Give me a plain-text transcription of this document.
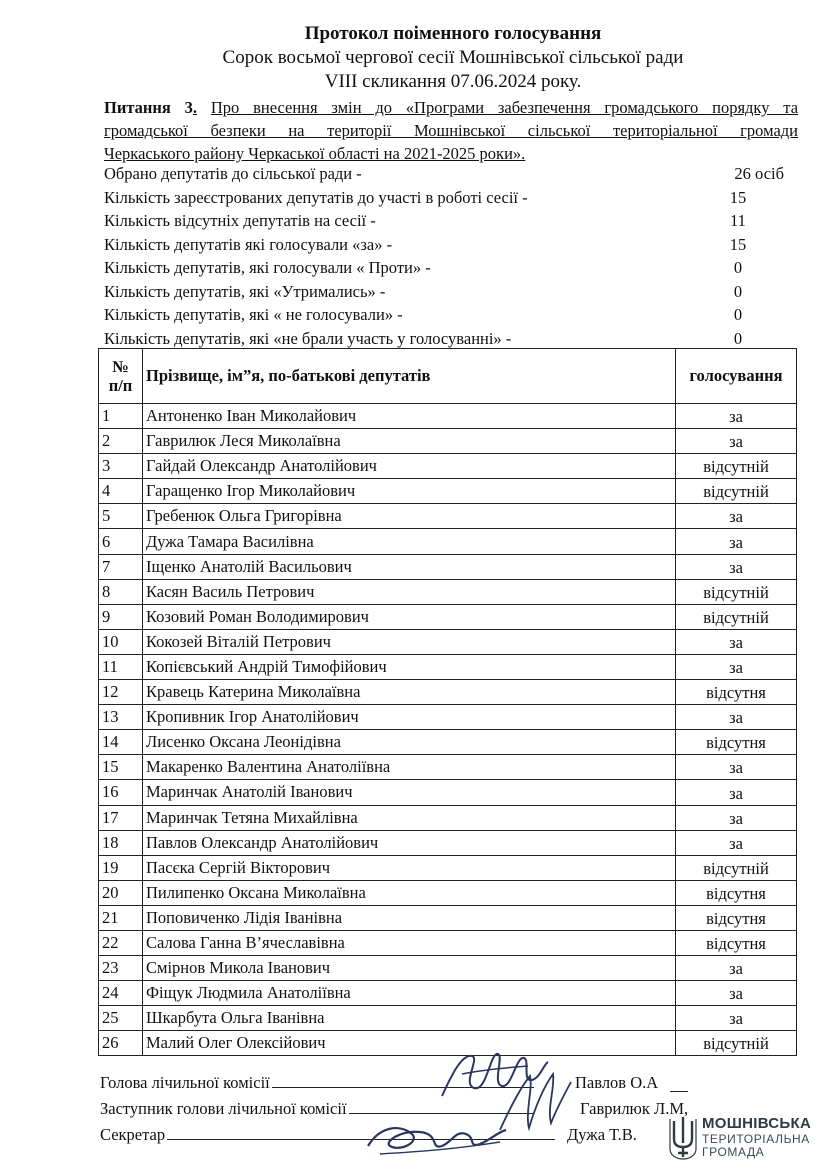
Протокол поіменного голосування
Сорок восьмої чергової сесії Мошнівської сільської ради
VIII скликання 07.06.2024 року.
Питання 3. Про внесення змін до «Програми забезпечення громадського порядку та
громадської безпеки на території Мошнівської сільської територіальної громади
Черкаського району Черкаської області на 2021-2025 роки».
Обрано депутатів до сільської ради -	26 осіб
Кількість зареєстрованих депутатів до участі в роботі сесії -	15
Кількість відсутніх депутатів на сесії -	11
Кількість депутатів які голосували «за» -	15
Кількість депутатів, які голосували « Проти» -	0
Кількість депутатів, які «Утримались» -	0
Кількість депутатів, які « не голосували» -	0
Кількість депутатів, які «не брали участь у голосуванні» -	0
№
п/п	Прізвище, ім”я, по-батькові депутатів	голосування
1	Антоненко Іван Миколайович	за
2	Гаврилюк Леся Миколаївна	за
3	Гайдай Олександр Анатолійович	відсутній
4	Гаращенко Ігор Миколайович	відсутній
5	Гребенюк Ольга Григорівна	за
6	Дужа Тамара Василівна	за
7	Іщенко Анатолій Васильович	за
8	Касян Василь Петрович	відсутній
9	Козовий Роман Володимирович	відсутній
10	Кокозей Віталій Петрович	за
11	Копієвський Андрій Тимофійович	за
12	Кравець Катерина Миколаївна	відсутня
13	Кропивник Ігор Анатолійович	за
14	Лисенко Оксана Леонідівна	відсутня
15	Макаренко Валентина Анатоліївна	за
16	Маринчак Анатолій Іванович	за
17	Маринчак Тетяна Михайлівна	за
18	Павлов Олександр Анатолійович	за
19	Пасєка Сергій Вікторович	відсутній
20	Пилипенко Оксана Миколаївна	відсутня
21	Поповиченко Лідія Іванівна	відсутня
22	Салова Ганна В’ячеславівна	відсутня
23	Смірнов Микола Іванович	за
24	Фіщук Людмила Анатоліївна	за
25	Шкарбута Ольга Іванівна	за
26	Малий Олег Олексійович	відсутній
Голова лічильної комісії	Павлов О.А
Заступник голови лічильної комісії	Гаврилюк Л.М,
Секретар	Дужа Т.В.
МОШНІВСЬКА
ТЕРИТОРІАЛЬНА
ГРОМАДА
